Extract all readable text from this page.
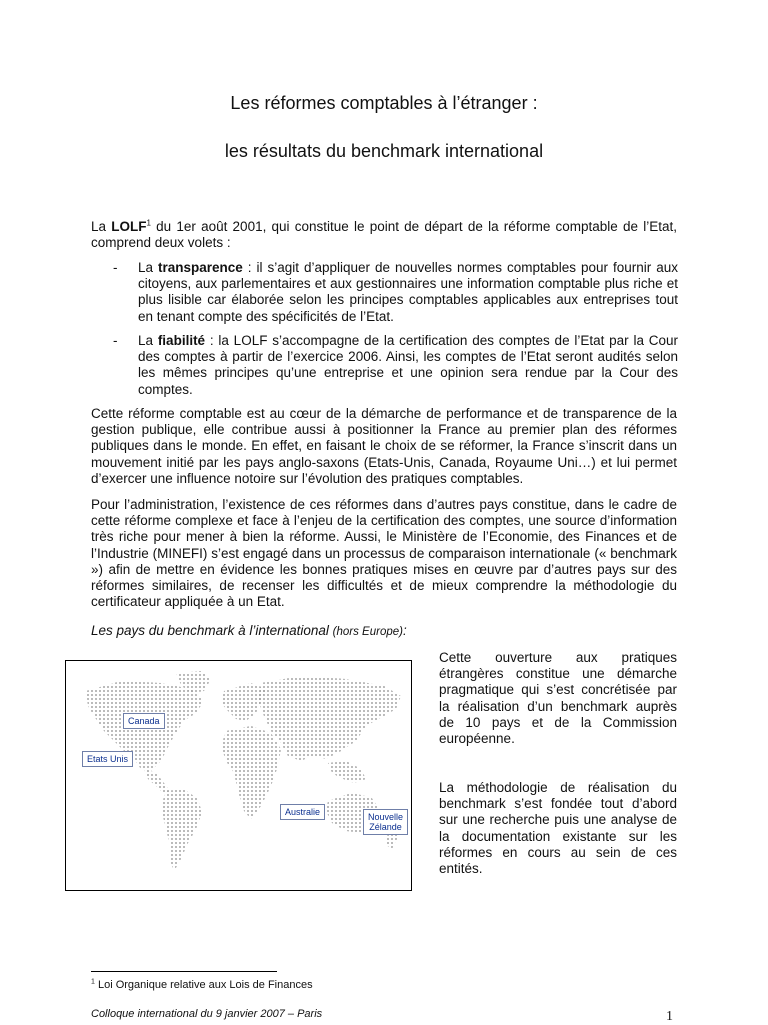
Les réformes comptables à l’étranger :
les résultats du benchmark international

La LOLF$^1$ du 1er août 2001, qui constitue le point de départ de la réforme comptable de l’Etat, comprend deux volets :

- La transparence : il s’agit d’appliquer de nouvelles normes comptables pour fournir aux citoyens, aux parlementaires et aux gestionnaires une information comptable plus riche et plus lisible car élaborée selon les principes comptables applicables aux entreprises tout en tenant compte des spécificités de l’Etat.

- La fiabilité : la LOLF s’accompagne de la certification des comptes de l’Etat par la Cour des comptes à partir de l’exercice 2006. Ainsi, les comptes de l’Etat seront audités selon les mêmes principes qu’une entreprise et une opinion sera rendue par la Cour des comptes.

Cette réforme comptable est au cœur de la démarche de performance et de transparence de la gestion publique, elle contribue aussi à positionner la France au premier plan des réformes publiques dans le monde. En effet, en faisant le choix de se réformer, la France s’inscrit dans un mouvement initié par les pays anglo-saxons (Etats-Unis, Canada, Royaume Uni…) et lui permet d’exercer une influence notoire sur l’évolution des pratiques comptables.

Pour l’administration, l’existence de ces réformes dans d’autres pays constitue, dans le cadre de cette réforme complexe et face à l’enjeu de la certification des comptes, une source d’information très riche pour mener à bien la réforme. Aussi, le Ministère de l’Economie, des Finances et de l’Industrie (MINEFI) s’est engagé dans un processus de comparaison internationale (« benchmark ») afin de mettre en évidence les bonnes pratiques mises en œuvre par d’autres pays sur des réformes similaires, de recenser les difficultés et de mieux comprendre la méthodologie du certificateur appliquée à un Etat.

Les pays du benchmark à l’international (hors Europe):

Canada
Etats Unis
Australie	Nouvelle
Zélande

Cette ouverture aux pratiques étrangères constitue une démarche pragmatique qui s’est concrétisée par la réalisation d’un benchmark auprès de 10 pays et de la Commission européenne.

La méthodologie de réalisation du benchmark s’est fondée tout d’abord sur une recherche puis une analyse de la documentation existante sur les réformes en cours au sein de ces entités.

$^1$ Loi Organique relative aux Lois de Finances

Colloque international du 9 janvier 2007 – Paris	1
